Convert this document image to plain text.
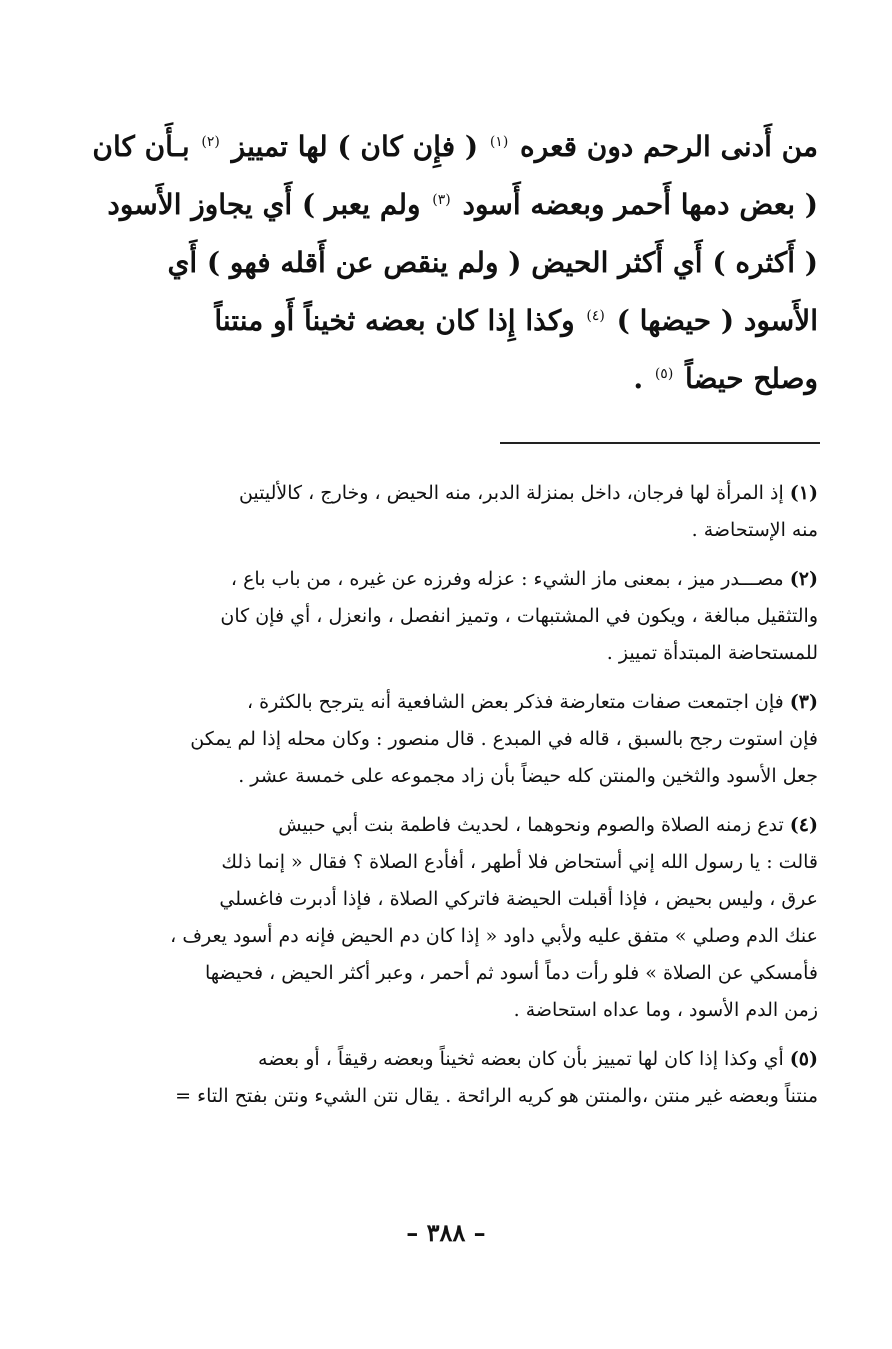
من أَدنى الرحم دون قعره $^{(١)}$ ( فإِن كان ) لها تمييز $^{(٢)}$ بـأَن كان
( بعض دمها أَحمر وبعضه أَسود $^{(٣)}$ ولم يعبر ) أَي يجاوز الأَسود
( أَكثره ) أَي أَكثر الحيض ( ولم ينقص عن أَقله فهو ) أَي
الأَسود ( حيضها ) $^{(٤)}$ وكذا إِذا كان بعضه ثخيناً أَو منتناً
وصلح حيضاً $^{(٥)}$ .

(١) إذ المرأة لها فرجان، داخل بمنزلة الدبر، منه الحيض ، وخارج ، كالأليتين
منه الإستحاضة .
(٢) مصـــدر ميز ، بمعنى ماز الشيء : عزله وفرزه عن غيره ، من باب باع ،
والتثقيل مبالغة ، ويكون في المشتبهات ، وتميز انفصل ، وانعزل ، أي فإن كان
للمستحاضة المبتدأة تمييز .
(٣) فإن اجتمعت صفات متعارضة فذكر بعض الشافعية أنه يترجح بالكثرة ،
فإن استوت رجح بالسبق ، قاله في المبدع . قال منصور : وكان محله إذا لم يمكن
جعل الأسود والثخين والمنتن كله حيضاً بأن زاد مجموعه على خمسة عشر .
(٤) تدع زمنه الصلاة والصوم ونحوهما ، لحديث فاطمة بنت أبي حبيش
قالت : يا رسول الله إني أستحاض فلا أطهر ، أفأدع الصلاة ؟ فقال « إنما ذلك
عرق ، وليس بحيض ، فإذا أقبلت الحيضة فاتركي الصلاة ، فإذا أدبرت فاغسلي
عنك الدم وصلي » متفق عليه ولأبي داود « إذا كان دم الحيض فإنه دم أسود يعرف ،
فأمسكي عن الصلاة » فلو رأت دماً أسود ثم أحمر ، وعبر أكثر الحيض ، فحيضها
زمن الدم الأسود ، وما عداه استحاضة .
(٥) أي وكذا إذا كان لها تمييز بأن كان بعضه ثخيناً وبعضه رقيقاً ، أو بعضه
منتناً وبعضه غير منتن ،والمنتن هو كريه الرائحة . يقال نتن الشيء ونتن بفتح التاء =
– ٣٨٨ –
